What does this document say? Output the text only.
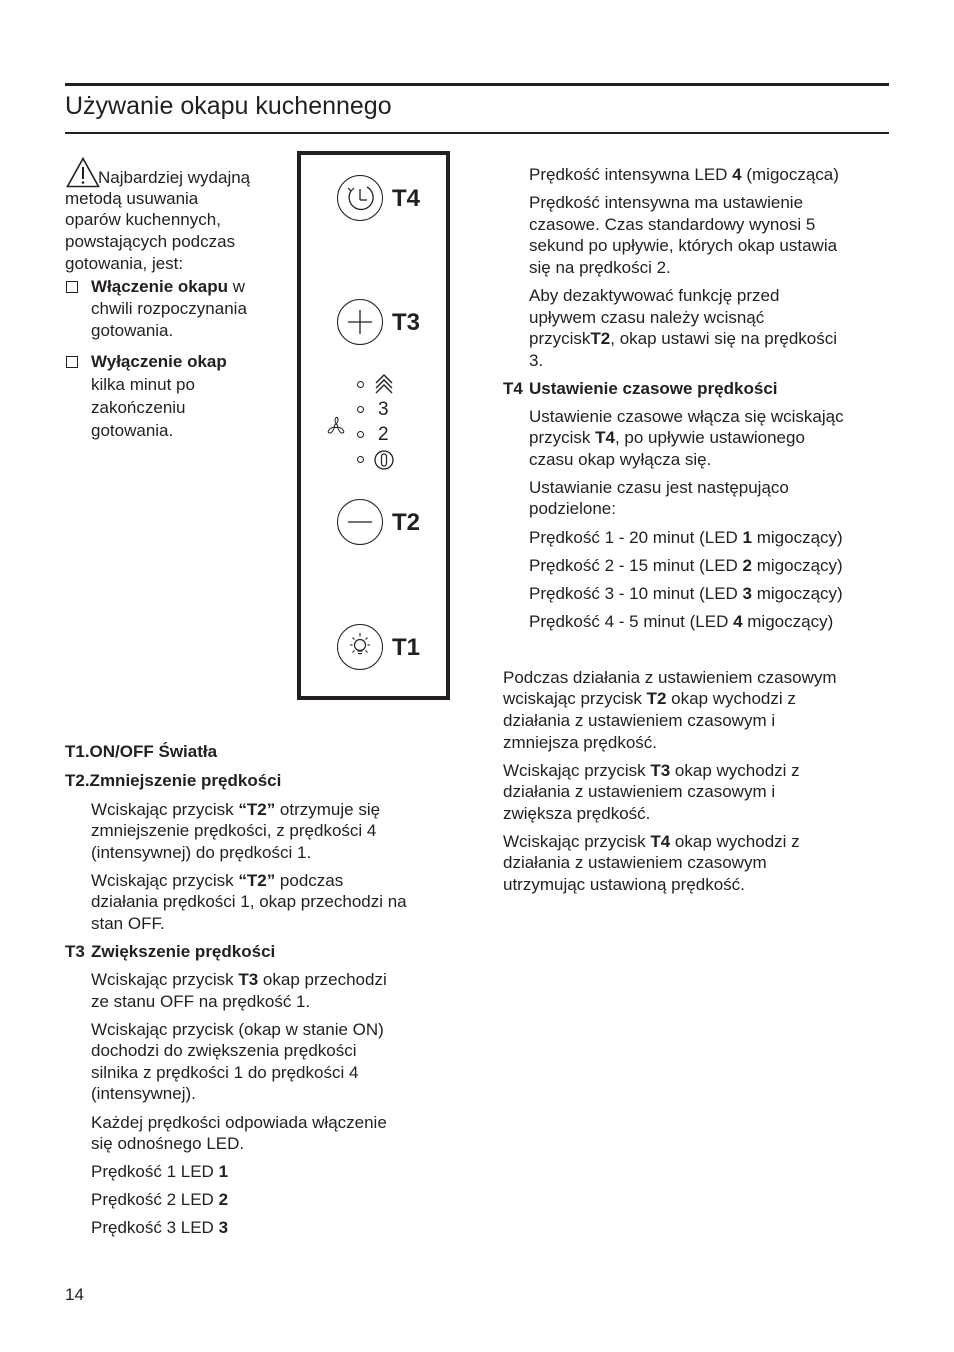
Używanie okapu kuchennego
Najbardziej wydajną
metodą usuwania
oparów kuchennych,
powstających podczas
gotowania, jest:
Włączenie okapu w
chwili rozpoczynania
gotowania.
Wyłączenie okap
kilka minut po
zakończeniu
gotowania.
T4
T3
3
2
T2
T1
T1.ON/OFF Światła
T2.Zmniejszenie prędkości
Wciskając przycisk “T2” otrzymuje się
zmniejszenie prędkości, z prędkości 4
(intensywnej) do prędkości 1.
Wciskając przycisk “T2” podczas
działania prędkości 1, okap przechodzi na
stan OFF.
T3 Zwiększenie prędkości
Wciskając przycisk T3 okap przechodzi
ze stanu OFF na prędkość 1.
Wciskając przycisk (okap w stanie ON)
dochodzi do zwiększenia prędkości
silnika z prędkości 1 do prędkości 4
(intensywnej).
Każdej prędkości odpowiada włączenie
się odnośnego LED.
Prędkość 1 LED 1
Prędkość 2 LED 2
Prędkość 3 LED 3
Prędkość intensywna LED 4 (migocząca)
Prędkość intensywna ma ustawienie
czasowe. Czas standardowy wynosi 5
sekund po upływie, których okap ustawia
się na prędkości 2.
Aby dezaktywować funkcję przed
upływem czasu należy wcisnąć
przyciskT2, okap ustawi się na prędkości
3.
T4 Ustawienie czasowe prędkości
Ustawienie czasowe włącza się wciskając
przycisk T4, po upływie ustawionego
czasu okap wyłącza się.
Ustawianie czasu jest następująco
podzielone:
Prędkość 1 - 20 minut (LED 1 migoczący)
Prędkość 2 - 15 minut (LED 2 migoczący)
Prędkość 3 - 10 minut (LED 3 migoczący)
Prędkość 4 - 5 minut (LED 4 migoczący)
Podczas działania z ustawieniem czasowym
wciskając przycisk T2 okap wychodzi z
działania z ustawieniem czasowym i
zmniejsza prędkość.
Wciskając przycisk T3 okap wychodzi z
działania z ustawieniem czasowym i
zwiększa prędkość.
Wciskając przycisk T4 okap wychodzi z
działania z ustawieniem czasowym
utrzymując ustawioną prędkość.
14
